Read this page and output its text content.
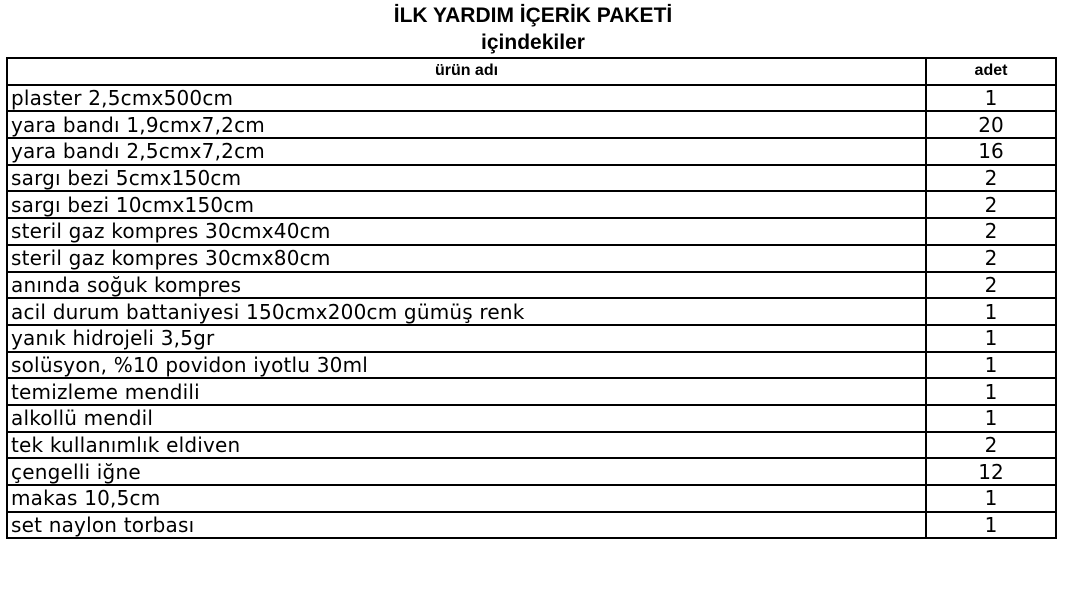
İLK YARDIM İÇERİK PAKETİ
içindekiler
ürün adı	adet
plaster 2,5cmx500cm	1
yara bandı 1,9cmx7,2cm	20
yara bandı 2,5cmx7,2cm	16
sargı bezi 5cmx150cm	2
sargı bezi 10cmx150cm	2
steril gaz kompres 30cmx40cm	2
steril gaz kompres 30cmx80cm	2
anında soğuk kompres	2
acil durum battaniyesi 150cmx200cm gümüş renk	1
yanık hidrojeli 3,5gr	1
solüsyon, %10 povidon iyotlu 30ml	1
temizleme mendili	1
alkollü mendil	1
tek kullanımlık eldiven	2
çengelli iğne	12
makas 10,5cm	1
set naylon torbası	1
